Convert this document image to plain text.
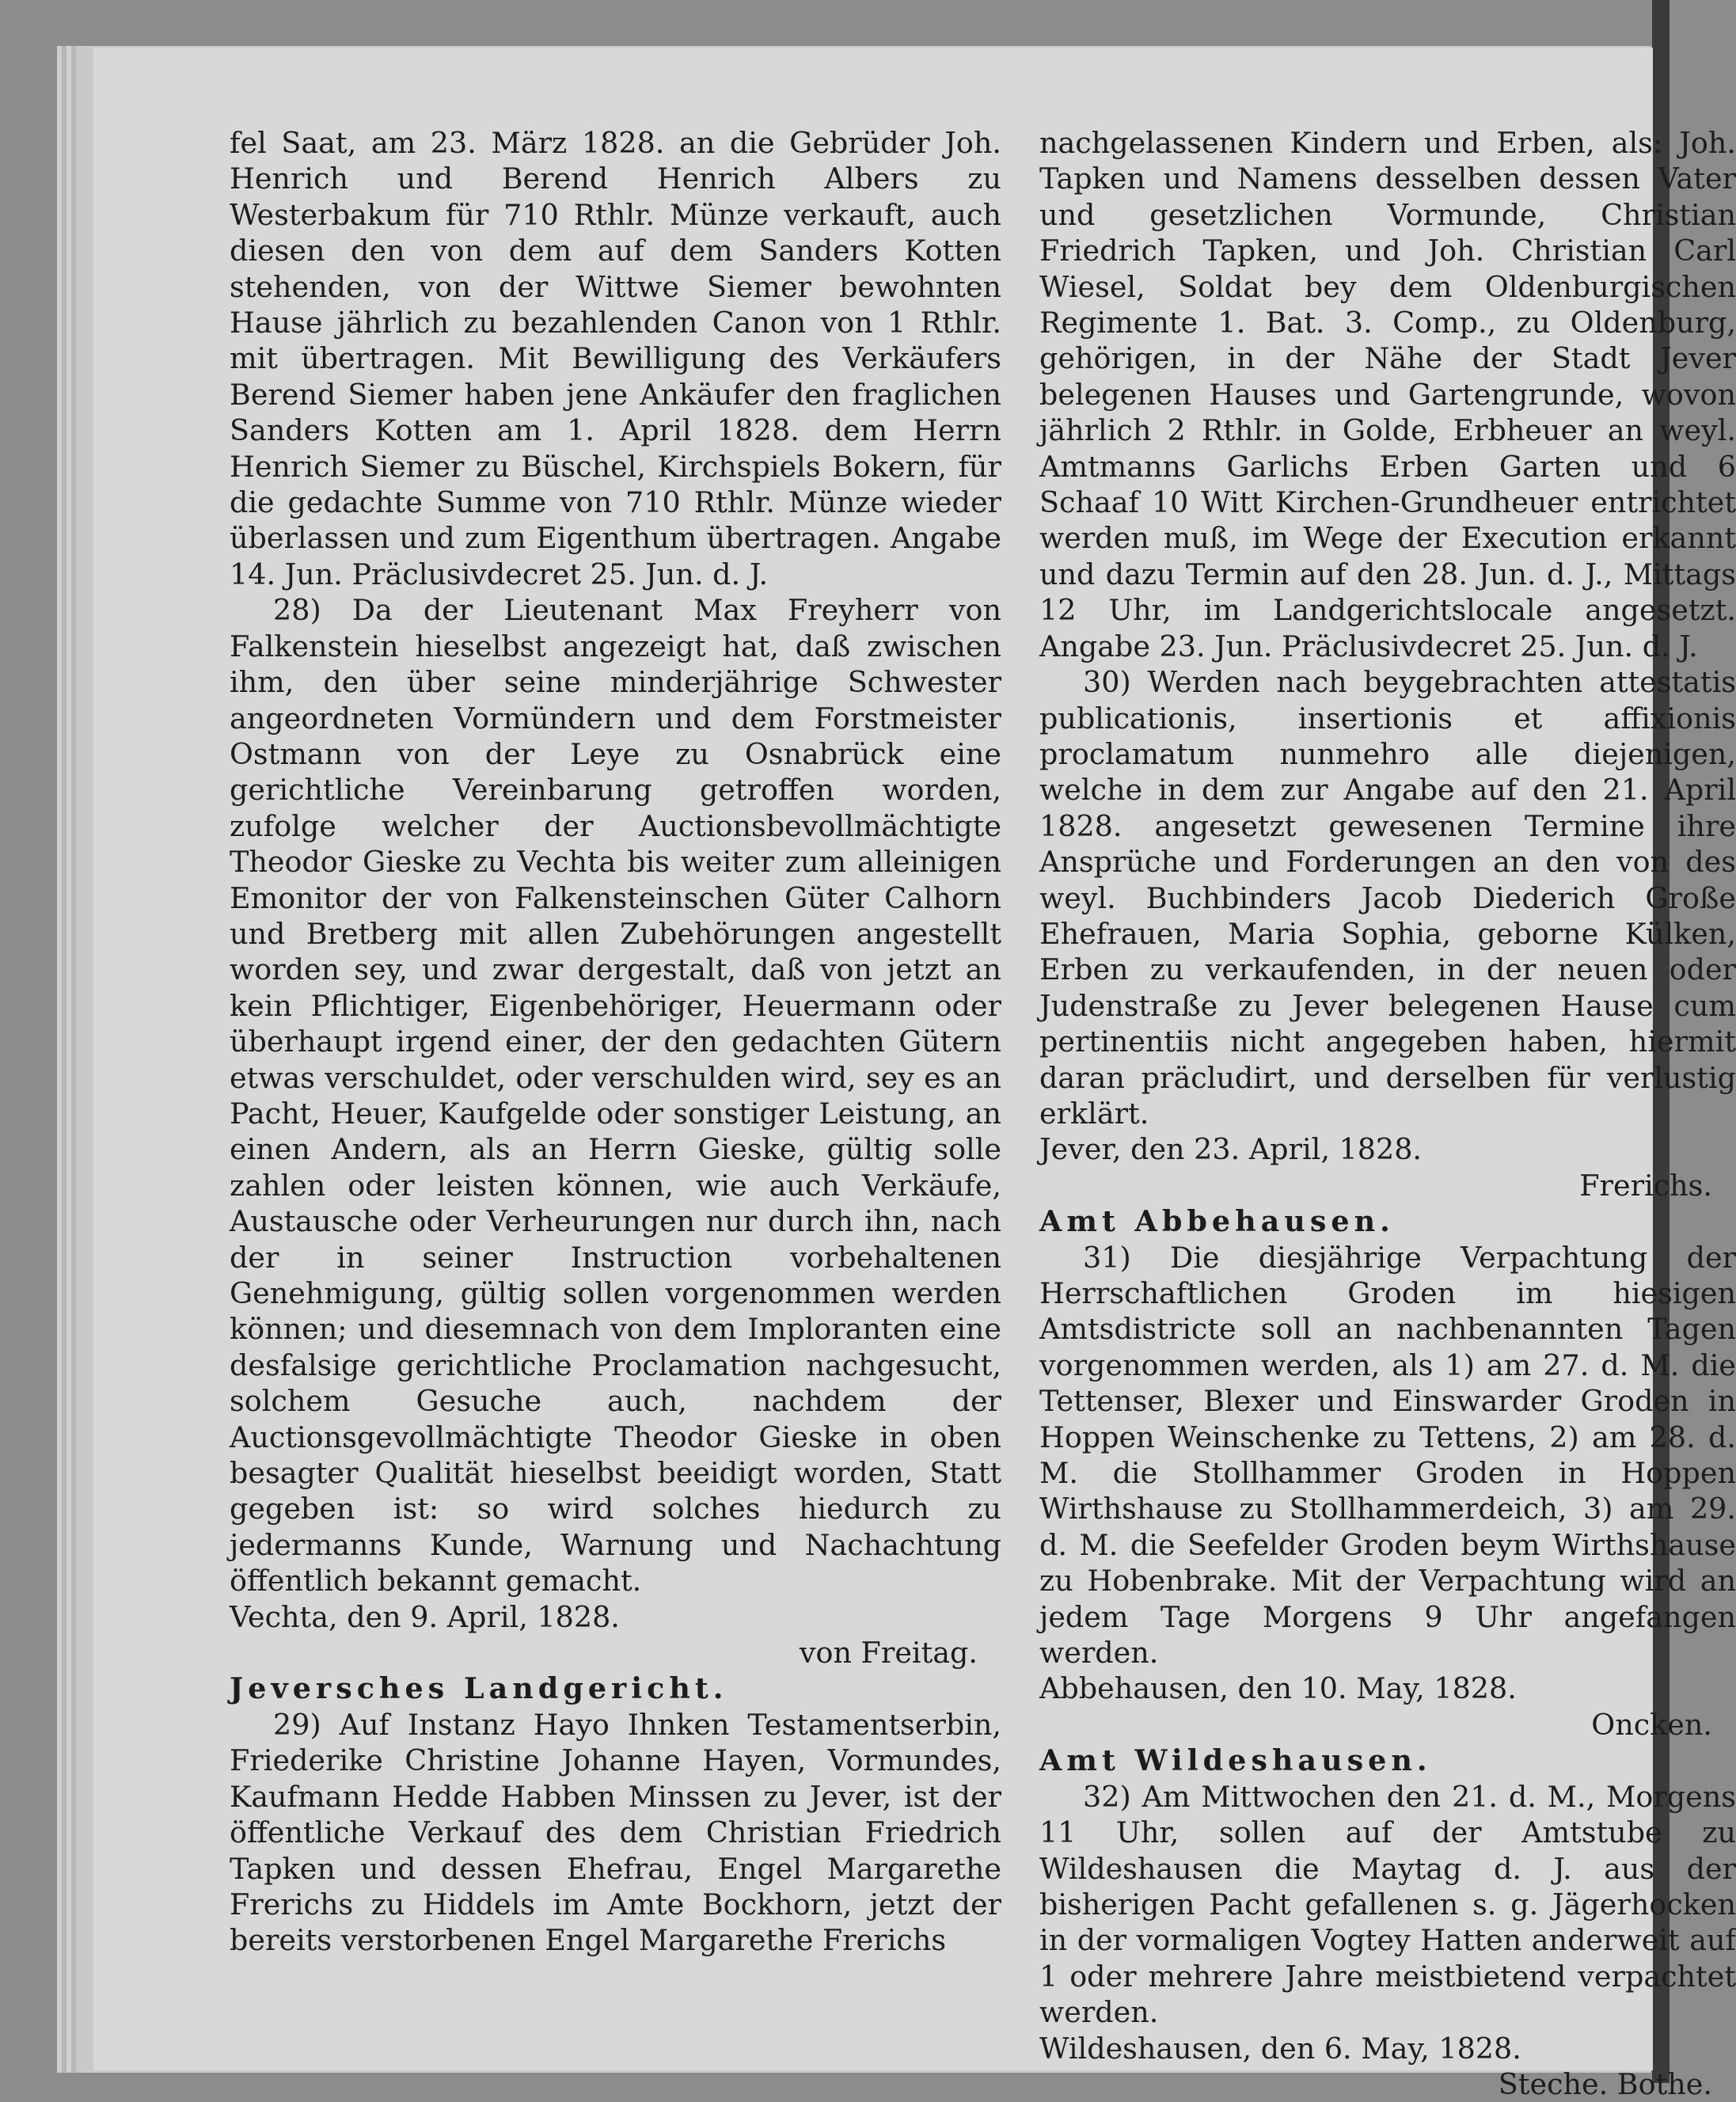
fel Saat, am 23. März 1828. an die Gebrüder Joh. Henrich und Berend Henrich Albers zu Westerbakum für 710 Rthlr. Münze verkauft, auch diesen den von dem auf dem Sanders Kotten stehenden, von der Wittwe Siemer bewohnten Hause jährlich zu bezahlenden Canon von 1 Rthlr. mit übertragen. Mit Bewilligung des Verkäufers Berend Siemer haben jene Ankäufer den fraglichen Sanders Kotten am 1. April 1828. dem Herrn Henrich Siemer zu Büschel, Kirchspiels Bokern, für die gedachte Summe von 710 Rthlr. Münze wieder überlassen und zum Eigenthum übertragen. Angabe 14. Jun. Präclusivdecret 25. Jun. d. J.

28) Da der Lieutenant Max Freyherr von Falkenstein hieselbst angezeigt hat, daß zwischen ihm, den über seine minderjährige Schwester angeordneten Vormündern und dem Forstmeister Ostmann von der Leye zu Osnabrück eine gerichtliche Vereinbarung getroffen worden, zufolge welcher der Auctionsbevollmächtigte Theodor Gieske zu Vechta bis weiter zum alleinigen Emonitor der von Falkensteinschen Güter Calhorn und Bretberg mit allen Zubehörungen angestellt worden sey, und zwar dergestalt, daß von jetzt an kein Pflichtiger, Eigenbehöriger, Heuermann oder überhaupt irgend einer, der den gedachten Gütern etwas verschuldet, oder verschulden wird, sey es an Pacht, Heuer, Kaufgelde oder sonstiger Leistung, an einen Andern, als an Herrn Gieske, gültig solle zahlen oder leisten können, wie auch Verkäufe, Austausche oder Verheurungen nur durch ihn, nach der in seiner Instruction vorbehaltenen Genehmigung, gültig sollen vorgenommen werden können; und diesemnach von dem Imploranten eine desfalsige gerichtliche Proclamation nachgesucht, solchem Gesuche auch, nachdem der Auctionsgevollmächtigte Theodor Gieske in oben besagter Qualität hieselbst beeidigt worden, Statt gegeben ist: so wird solches hiedurch zu jedermanns Kunde, Warnung und Nachachtung öffentlich bekannt gemacht.

Vechta, den 9. April, 1828.

von Freitag.

Jeversches Landgericht.

29) Auf Instanz Hayo Ihnken Testamentserbin, Friederike Christine Johanne Hayen, Vormundes, Kaufmann Hedde Habben Minssen zu Jever, ist der öffentliche Verkauf des dem Christian Friedrich Tapken und dessen Ehefrau, Engel Margarethe Frerichs zu Hiddels im Amte Bockhorn, jetzt der bereits verstorbenen Engel Margarethe Frerichs

nachgelassenen Kindern und Erben, als: Joh. Tapken und Namens desselben dessen Vater und gesetzlichen Vormunde, Christian Friedrich Tapken, und Joh. Christian Carl Wiesel, Soldat bey dem Oldenburgischen Regimente 1. Bat. 3. Comp., zu Oldenburg, gehörigen, in der Nähe der Stadt Jever belegenen Hauses und Gartengrunde, wovon jährlich 2 Rthlr. in Golde, Erbheuer an weyl. Amtmanns Garlichs Erben Garten und 6 Schaaf 10 Witt Kirchen-Grundheuer entrichtet werden muß, im Wege der Execution erkannt und dazu Termin auf den 28. Jun. d. J., Mittags 12 Uhr, im Landgerichtslocale angesetzt. Angabe 23. Jun. Präclusivdecret 25. Jun. d. J.

30) Werden nach beygebrachten attestatis publicationis, insertionis et affixionis proclamatum nunmehro alle diejenigen, welche in dem zur Angabe auf den 21. April 1828. angesetzt gewesenen Termine ihre Ansprüche und Forderungen an den von des weyl. Buchbinders Jacob Diederich Große Ehefrauen, Maria Sophia, geborne Külken, Erben zu verkaufenden, in der neuen oder Judenstraße zu Jever belegenen Hause cum pertinentiis nicht angegeben haben, hiermit daran präcludirt, und derselben für verlustig erklärt.

Jever, den 23. April, 1828.

Frerichs.

Amt Abbehausen.

31) Die diesjährige Verpachtung der Herrschaftlichen Groden im hiesigen Amtsdistricte soll an nachbenannten Tagen vorgenommen werden, als 1) am 27. d. M. die Tettenser, Blexer und Einswarder Groden in Hoppen Weinschenke zu Tettens, 2) am 28. d. M. die Stollhammer Groden in Hoppen Wirthshause zu Stollhammerdeich, 3) am 29. d. M. die Seefelder Groden beym Wirthshause zu Hobenbrake. Mit der Verpachtung wird an jedem Tage Morgens 9 Uhr angefangen werden.

Abbehausen, den 10. May, 1828.

Oncken.

Amt Wildeshausen.

32) Am Mittwochen den 21. d. M., Morgens 11 Uhr, sollen auf der Amtstube zu Wildeshausen die Maytag d. J. aus der bisherigen Pacht gefallenen s. g. Jägerhocken in der vormaligen Vogtey Hatten anderweit auf 1 oder mehrere Jahre meistbietend verpachtet werden.

Wildeshausen, den 6. May, 1828.

Steche. Bothe.
